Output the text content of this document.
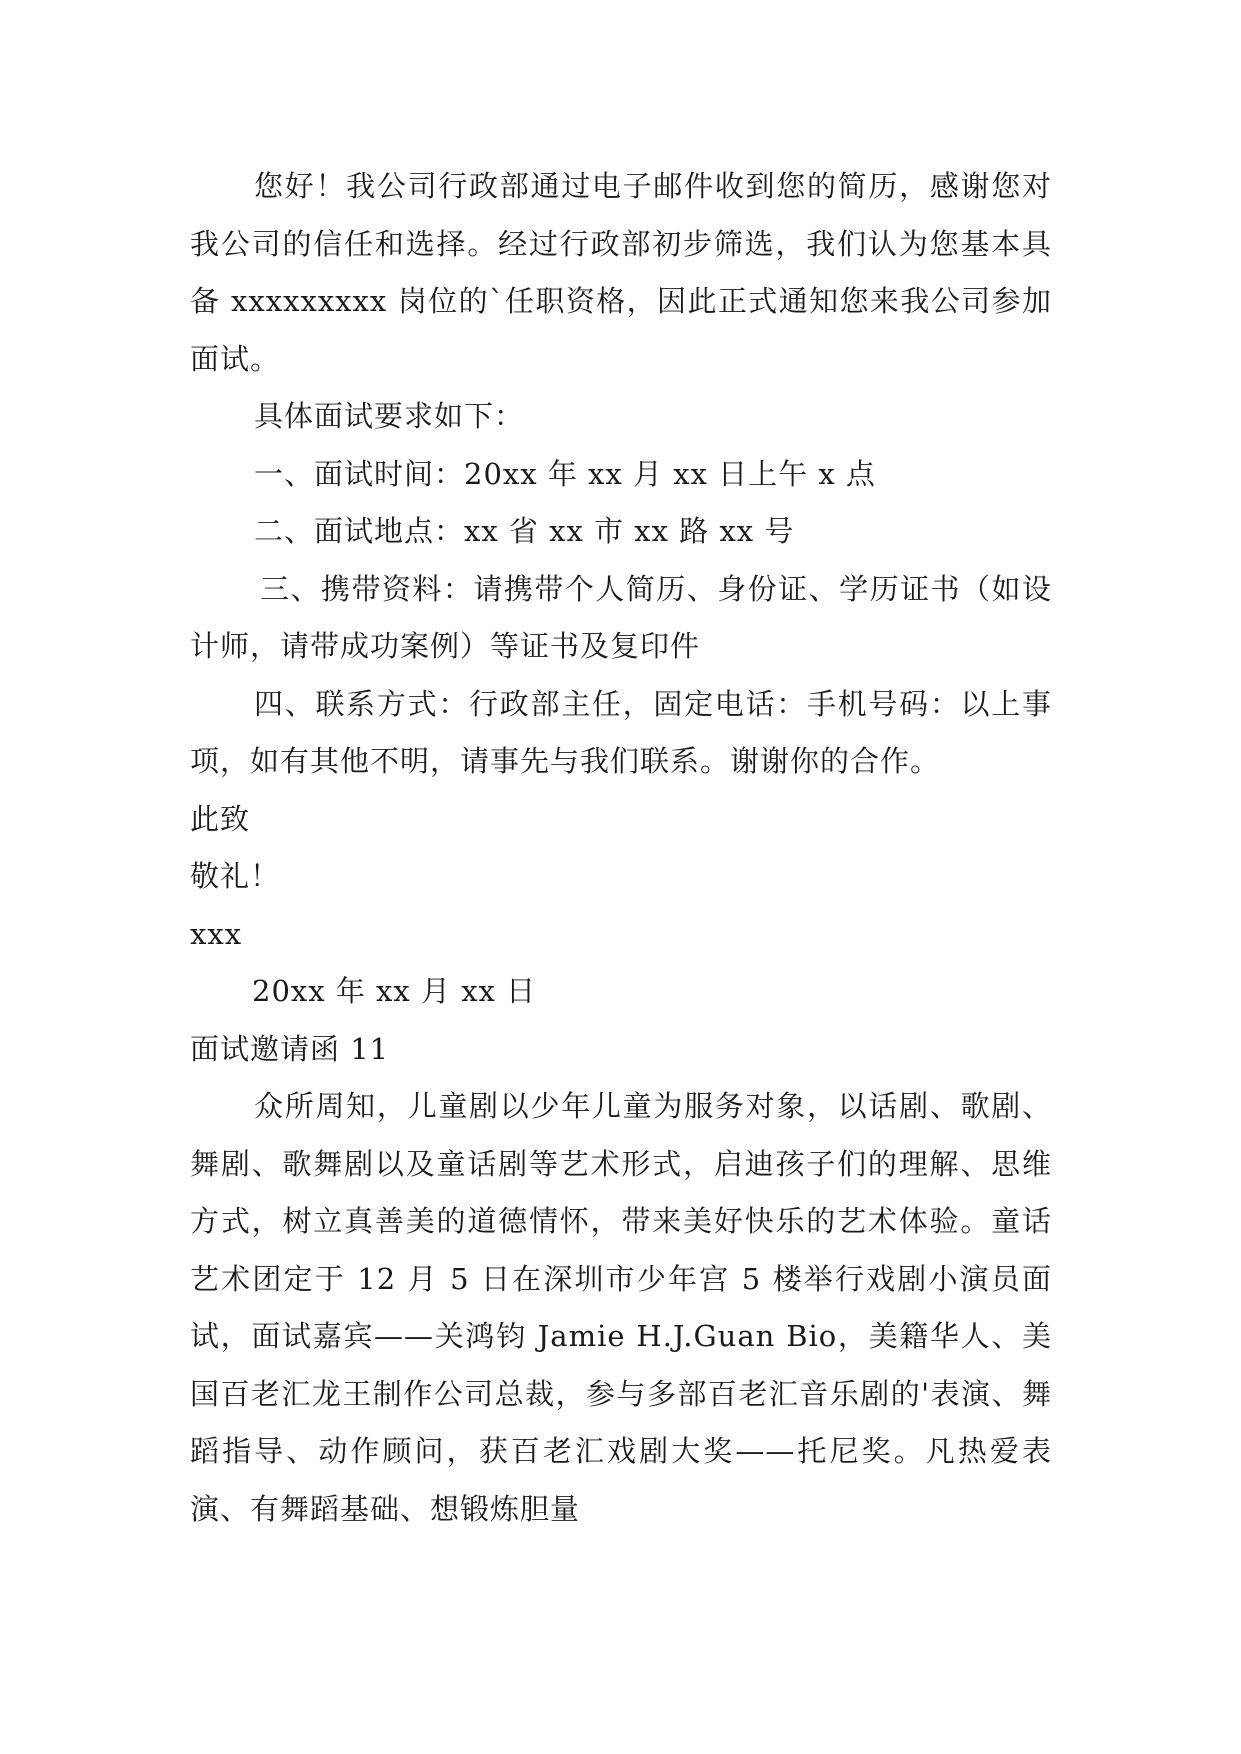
您好！我公司行政部通过电子邮件收到您的简历，感谢您对我公司的信任和选择。经过行政部初步筛选，我们认为您基本具备 xxxxxxxxx 岗位的`任职资格，因此正式通知您来我公司参加面试。

具体面试要求如下：

一、面试时间：20xx 年 xx 月 xx 日上午 x 点

二、面试地点：xx 省 xx 市 xx 路 xx 号

三、携带资料：请携带个人简历、身份证、学历证书（如设计师，请带成功案例）等证书及复印件

四、联系方式：行政部主任，固定电话：手机号码：以上事项，如有其他不明，请事先与我们联系。谢谢你的合作。

此致

敬礼！

xxx

20xx 年 xx 月 xx 日

面试邀请函 11

众所周知，儿童剧以少年儿童为服务对象，以话剧、歌剧、舞剧、歌舞剧以及童话剧等艺术形式，启迪孩子们的理解、思维方式，树立真善美的道德情怀，带来美好快乐的艺术体验。童话艺术团定于 12 月 5 日在深圳市少年宫 5 楼举行戏剧小演员面试，面试嘉宾——关鸿钧 Jamie H.J.Guan Bio，美籍华人、美国百老汇龙王制作公司总裁，参与多部百老汇音乐剧的'表演、舞蹈指导、动作顾问，获百老汇戏剧大奖——托尼奖。凡热爱表演、有舞蹈基础、想锻炼胆量
